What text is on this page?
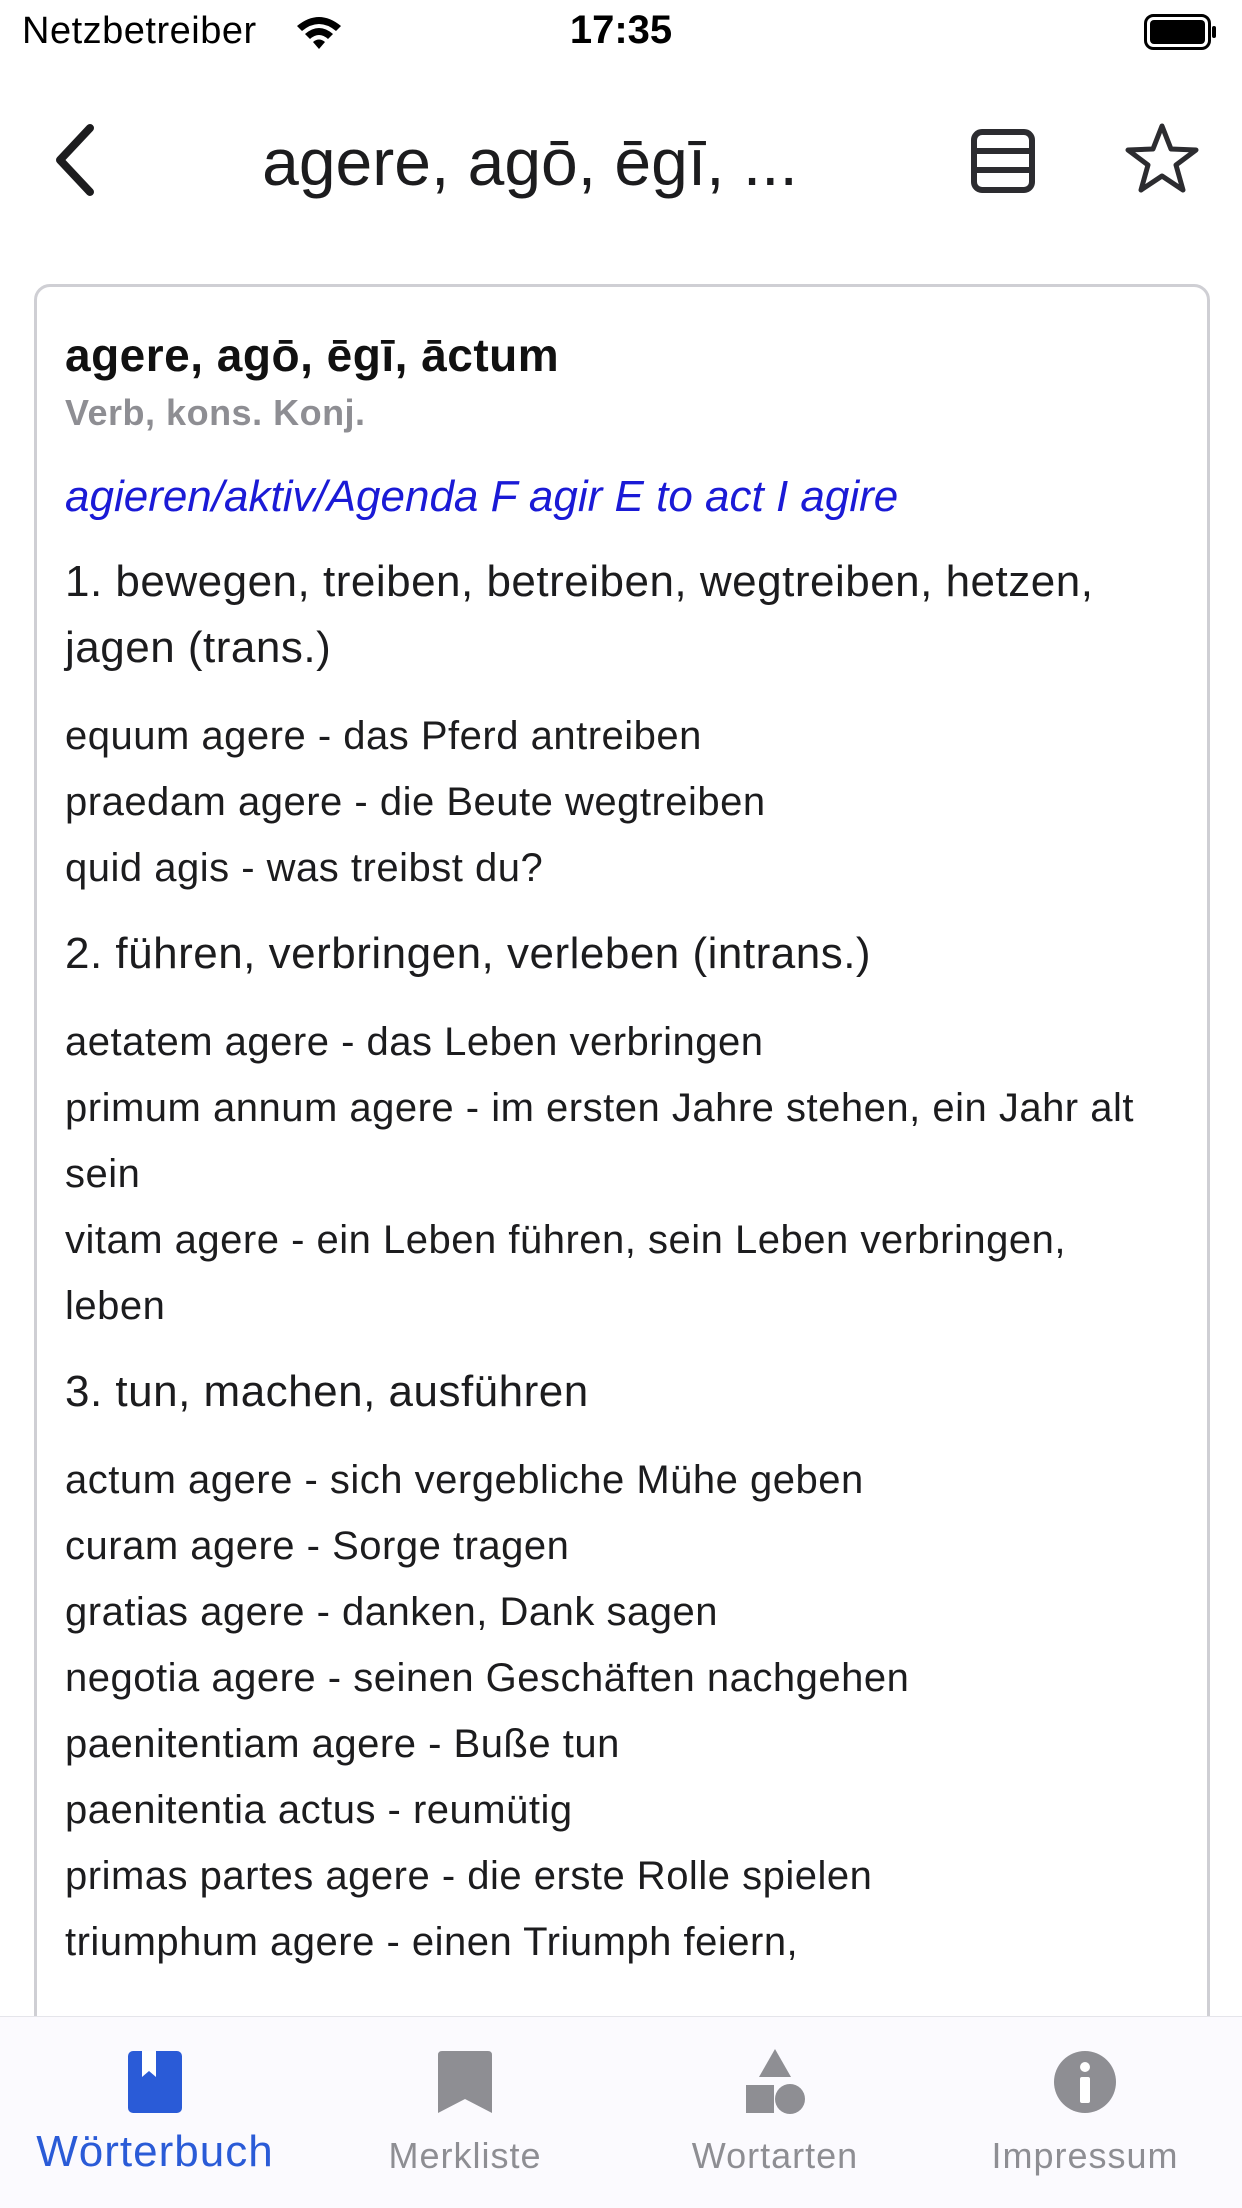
Netzbetreiber	17:35
agere, agō, ēgī, ...
agere, agō, ēgī, āctum
Verb, kons. Konj.
agieren/aktiv/Agenda F agir E to act I agire
1. bewegen, treiben, betreiben, wegtreiben, hetzen, jagen (trans.)
equum agere - das Pferd antreiben
praedam agere - die Beute wegtreiben
quid agis - was treibst du?
2. führen, verbringen, verleben (intrans.)
aetatem agere - das Leben verbringen
primum annum agere - im ersten Jahre stehen, ein Jahr alt sein
vitam agere - ein Leben führen, sein Leben verbringen, leben
3. tun, machen, ausführen
actum agere - sich vergebliche Mühe geben
curam agere - Sorge tragen
gratias agere - danken, Dank sagen
negotia agere - seinen Geschäften nachgehen
paenitentiam agere - Buße tun
paenitentia actus - reumütig
primas partes agere - die erste Rolle spielen
triumphum agere - einen Triumph feiern,
Wörterbuch	Merkliste	Wortarten	Impressum
